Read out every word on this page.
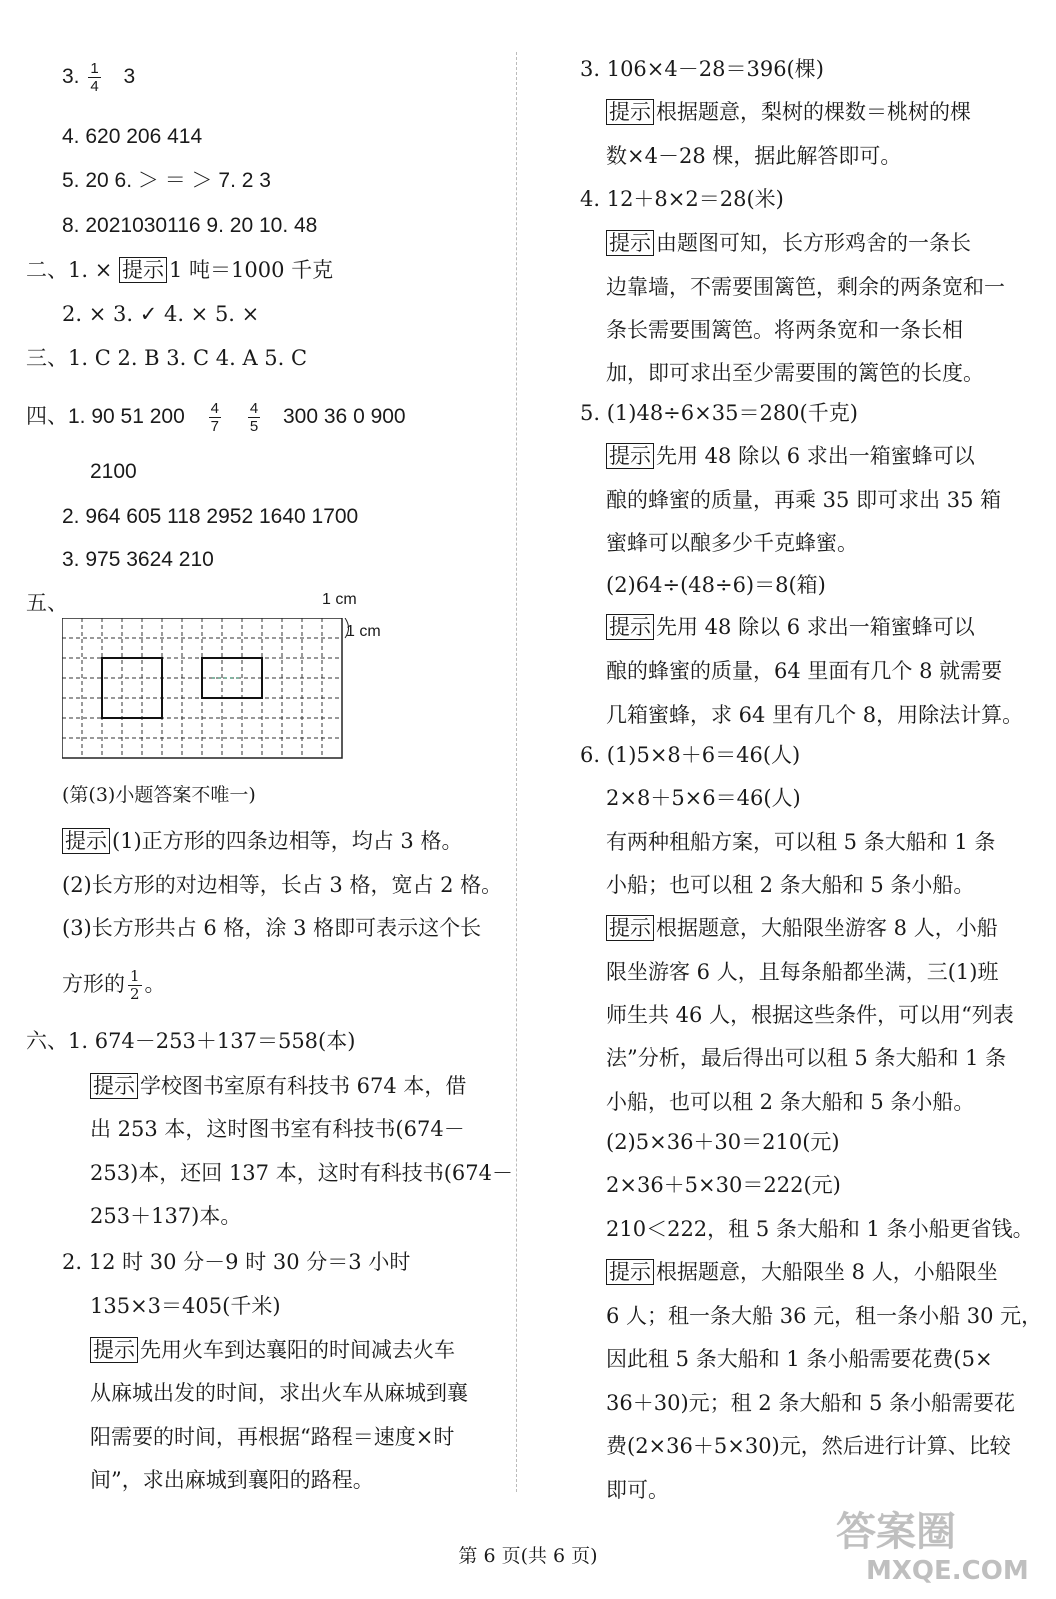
3. $\frac{1}{4} 3$
4. 620 206 414
5. 20 6. ＞ ＝ ＞ 7. 2 3
8. 2021030116 9. 20 10. 48
二、1. × 提示 1 吨＝1000 千克
2. × 3. ✓ 4. × 5. ×
三、1. C 2. B 3. C 4. A 5. C
四、1. 90 51 $200 \frac{4}{7}$
$\frac{4}{5} 300$ 36 0 900
2100
2. 964 605 118 2952 1640 1700
3. 975 3624 210
五、	1 cm
1 cm
(第(3)小题答案不唯一)
提示 (1)正方形的四条边相等，均占 3 格。
(2)长方形的对边相等，长占 3 格，宽占 2 格。
(3)长方形共占 6 格，涂 3 格即可表示这个长
方形的 $\frac{1}{2}$ 。
六、1. 674－253＋137＝558(本)
提示 学校图书室原有科技书 674 本，借
出 253 本，这时图书室有科技书(674－
253)本，还回 137 本，这时有科技书(674－
253＋137)本。
2. 12 时 30 分－9 时 30 分＝3 小时
135×3＝405(千米)
提示 先用火车到达襄阳的时间减去火车
从麻城出发的时间，求出火车从麻城到襄
阳需要的时间，再根据“路程＝速度×时
间”，求出麻城到襄阳的路程。
3. 106×4－28＝396(棵)
提示 根据题意，梨树的棵数＝桃树的棵
数×4－28 棵，据此解答即可。
4. 12＋8×2＝28(米)
提示 由题图可知，长方形鸡舍的一条长
边靠墙，不需要围篱笆，剩余的两条宽和一
条长需要围篱笆。将两条宽和一条长相
加，即可求出至少需要围的篱笆的长度。
5. (1)48÷6×35＝280(千克)
提示 先用 48 除以 6 求出一箱蜜蜂可以
酿的蜂蜜的质量，再乘 35 即可求出 35 箱
蜜蜂可以酿多少千克蜂蜜。
(2)64÷(48÷6)＝8(箱)
提示 先用 48 除以 6 求出一箱蜜蜂可以
酿的蜂蜜的质量，64 里面有几个 8 就需要
几箱蜜蜂，求 64 里有几个 8，用除法计算。
6. (1)5×8＋6＝46(人)
2×8＋5×6＝46(人)
有两种租船方案，可以租 5 条大船和 1 条
小船；也可以租 2 条大船和 5 条小船。
提示 根据题意，大船限坐游客 8 人，小船
限坐游客 6 人，且每条船都坐满，三(1)班
师生共 46 人，根据这些条件，可以用“列表
法”分析，最后得出可以租 5 条大船和 1 条
小船，也可以租 2 条大船和 5 条小船。
(2)5×36＋30＝210(元)
2×36＋5×30＝222(元)
210＜222，租 5 条大船和 1 条小船更省钱。
提示 根据题意，大船限坐 8 人，小船限坐
6 人；租一条大船 36 元，租一条小船 30 元，
因此租 5 条大船和 1 条小船需要花费(5×
36＋30)元；租 2 条大船和 5 条小船需要花
费(2×36＋5×30)元，然后进行计算、比较
即可。
第 6 页(共 6 页)
答案圈
MXQE.COM
